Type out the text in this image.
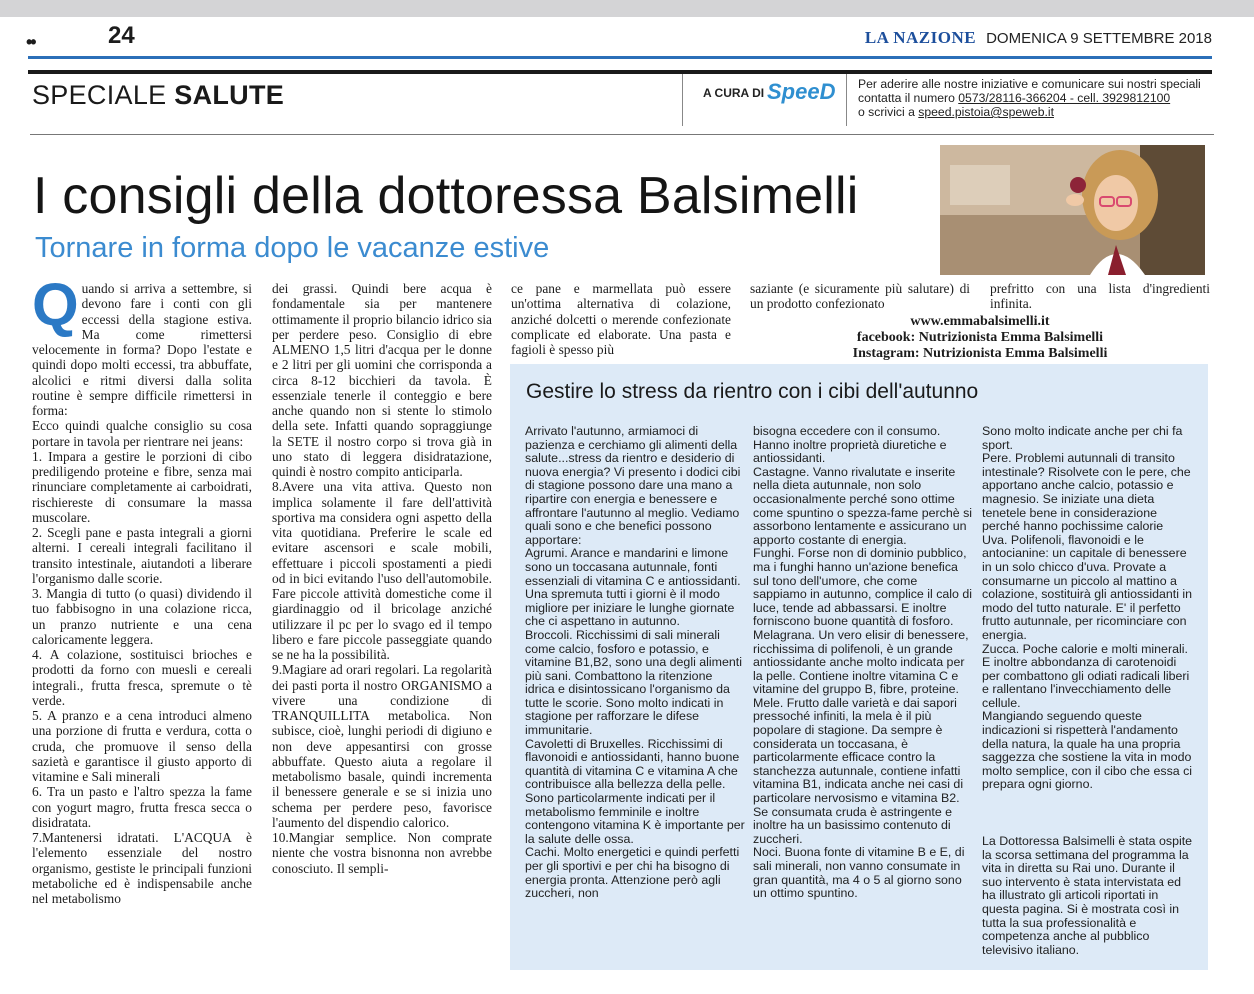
••	24	LA NAZIONE DOMENICA 9 SETTEMBRE 2018
SPECIALE SALUTE	A CURA DI SpeeD Per aderire alle nostre iniziative e comunicare sui nostri speciali
contatta il numero 0573/28116-366204 - cell. 3929812100
o scrivici a speed.pistoia@speweb.it
I consigli della dottoressa Balsimelli
Tornare in forma dopo le vacanze estive
Q uando si arriva a settembre, si devono fare i conti con gli eccessi della stagione estiva. Ma come rimettersi velocemente in forma? Dopo l'estate e quindi dopo molti eccessi, tra abbuffate, alcolici e ritmi diversi dalla solita routine è sempre difficile rimettersi in forma:
Ecco quindi qualche consiglio su cosa portare in tavola per rientrare nei jeans:
1. Impara a gestire le porzioni di cibo prediligendo proteine e fibre, senza mai rinunciare completamente ai carboidrati, rischiereste di consumare la massa muscolare.
2. Scegli pane e pasta integrali a giorni alterni. I cereali integrali facilitano il transito intestinale, aiutandoti a liberare l'organismo dalle scorie.
3. Mangia di tutto (o quasi) dividendo il tuo fabbisogno in una colazione ricca, un pranzo nutriente e una cena caloricamente leggera.
4. A colazione, sostituisci brioches e prodotti da forno con muesli e cereali integrali., frutta fresca, spremute o tè verde.
5. A pranzo e a cena introduci almeno una porzione di frutta e verdura, cotta o cruda, che promuove il senso della sazietà e garantisce il giusto apporto di vitamine e Sali minerali
6. Tra un pasto e l'altro spezza la fame con yogurt magro, frutta fresca secca o disidratata.
7.Mantenersi idratati. L'ACQUA è l'elemento essenziale del nostro organismo, gestiste le principali funzioni metaboliche ed è indispensabile anche nel metabolismo

dei grassi. Quindi bere acqua è fondamentale sia per mantenere ottimamente il proprio bilancio idrico sia per perdere peso. Consiglio di ebre ALMENO 1,5 litri d'acqua per le donne e 2 litri per gli uomini che corrisponda a circa 8-12 bicchieri da tavola. È essenziale tenerle il conteggio e bere anche quando non si stente lo stimolo della sete. Infatti quando sopraggiunge la SETE il nostro corpo si trova già in uno stato di leggera disidratazione, quindi è nostro compito anticiparla.
8.Avere una vita attiva. Questo non implica solamente il fare dell'attività sportiva ma considera ogni aspetto della vita quotidiana. Preferire le scale ed evitare ascensori e scale mobili, effettuare i piccoli spostamenti a piedi od in bici evitando l'uso dell'automobile. Fare piccole attività domestiche come il giardinaggio od il bricolage anziché utilizzare il pc per lo svago ed il tempo libero e fare piccole passeggiate quando se ne ha la possibilità.
9.Magiare ad orari regolari. La regolarità dei pasti porta il nostro ORGANISMO a vivere una condizione di TRANQUILLITA metabolica. Non subisce, cioè, lunghi periodi di digiuno e non deve appesantirsi con grosse abbuffate. Questo aiuta a regolare il metabolismo basale, quindi incrementa il benessere generale e se si inizia uno schema per perdere peso, favorisce l'aumento del dispendio calorico.
10.Mangiar semplice. Non comprate niente che vostra bisnonna non avrebbe conosciuto. Il sempli-

ce pane e marmellata può essere un'ottima alternativa di colazione, anziché dolcetti o merende confezionate complicate ed elaborate. Una pasta e fagioli è spesso più

saziante (e sicuramente più salutare) di un prodotto confezionato

prefritto con una lista d'ingredienti infinita.

www.emmabalsimelli.it
facebook: Nutrizionista Emma Balsimelli
Instagram: Nutrizionista Emma Balsimelli
Gestire lo stress da rientro con i cibi dell'autunno

Arrivato l'autunno, armiamoci di pazienza e cerchiamo gli alimenti della salute...stress da rientro e desiderio di nuova energia? Vi presento i dodici cibi di stagione possono dare una mano a ripartire con energia e benessere e affrontare l'autunno al meglio. Vediamo quali sono e che benefici possono apportare:
Agrumi. Arance e mandarini e limone sono un toccasana autunnale, fonti essenziali di vitamina C e antiossidanti. Una spremuta tutti i giorni è il modo migliore per iniziare le lunghe giornate che ci aspettano in autunno.
Broccoli. Ricchissimi di sali minerali come calcio, fosforo e potassio, e vitamine B1,B2, sono una degli alimenti più sani. Combattono la ritenzione idrica e disintossicano l'organismo da tutte le scorie. Sono molto indicati in stagione per rafforzare le difese immunitarie.
Cavoletti di Bruxelles. Ricchissimi di flavonoidi e antiossidanti, hanno buone quantità di vitamina C e vitamina A che contribuisce alla bellezza della pelle. Sono particolarmente indicati per il metabolismo femminile e inoltre contengono vitamina K è importante per la salute delle ossa.
Cachi. Molto energetici e quindi perfetti per gli sportivi e per chi ha bisogno di energia pronta. Attenzione però agli zuccheri, non

bisogna eccedere con il consumo. Hanno inoltre proprietà diuretiche e antiossidanti.
Castagne. Vanno rivalutate e inserite nella dieta autunnale, non solo occasionalmente perché sono ottime come spuntino o spezza-fame perchè si assorbono lentamente e assicurano un apporto costante di energia.
Funghi. Forse non di dominio pubblico, ma i funghi hanno un'azione benefica sul tono dell'umore, che come sappiamo in autunno, complice il calo di luce, tende ad abbassarsi. E inoltre forniscono buone quantità di fosforo.
Melagrana. Un vero elisir di benessere, ricchissima di polifenoli, è un grande antiossidante anche molto indicata per la pelle. Contiene inoltre vitamina C e vitamine del gruppo B, fibre, proteine.
Mele. Frutto dalle varietà e dai sapori pressoché infiniti, la mela è il più popolare di stagione. Da sempre è considerata un toccasana, è particolarmente efficace contro la stanchezza autunnale, contiene infatti vitamina B1, indicata anche nei casi di particolare nervosismo e vitamina B2. Se consumata cruda è astringente e inoltre ha un basissimo contenuto di zuccheri.
Noci. Buona fonte di vitamine B e E, di sali minerali, non vanno consumate in gran quantità, ma 4 o 5 al giorno sono un ottimo spuntino.

Sono molto indicate anche per chi fa sport.
Pere. Problemi autunnali di transito intestinale? Risolvete con le pere, che apportano anche calcio, potassio e magnesio. Se iniziate una dieta tenetele bene in considerazione perché hanno pochissime calorie
Uva. Polifenoli, flavonoidi e le antocianine: un capitale di benessere in un solo chicco d'uva. Provate a consumarne un piccolo al mattino a colazione, sostituirà gli antiossidanti in modo del tutto naturale. E' il perfetto frutto autunnale, per ricominciare con energia.
Zucca. Poche calorie e molti minerali. E inoltre abbondanza di carotenoidi per combattono gli odiati radicali liberi e rallentano l'invecchiamento delle cellule.
Mangiando seguendo queste indicazioni si rispetterà l'andamento della natura, la quale ha una propria saggezza che sostiene la vita in modo molto semplice, con il cibo che essa ci prepara ogni giorno.

La Dottoressa Balsimelli è stata ospite la scorsa settimana del programma la vita in diretta su Rai uno. Durante il suo intervento è stata intervistata ed ha illustrato gli articoli riportati in questa pagina. Si è mostrata così in tutta la sua professionalità e competenza anche al pubblico televisivo italiano.
